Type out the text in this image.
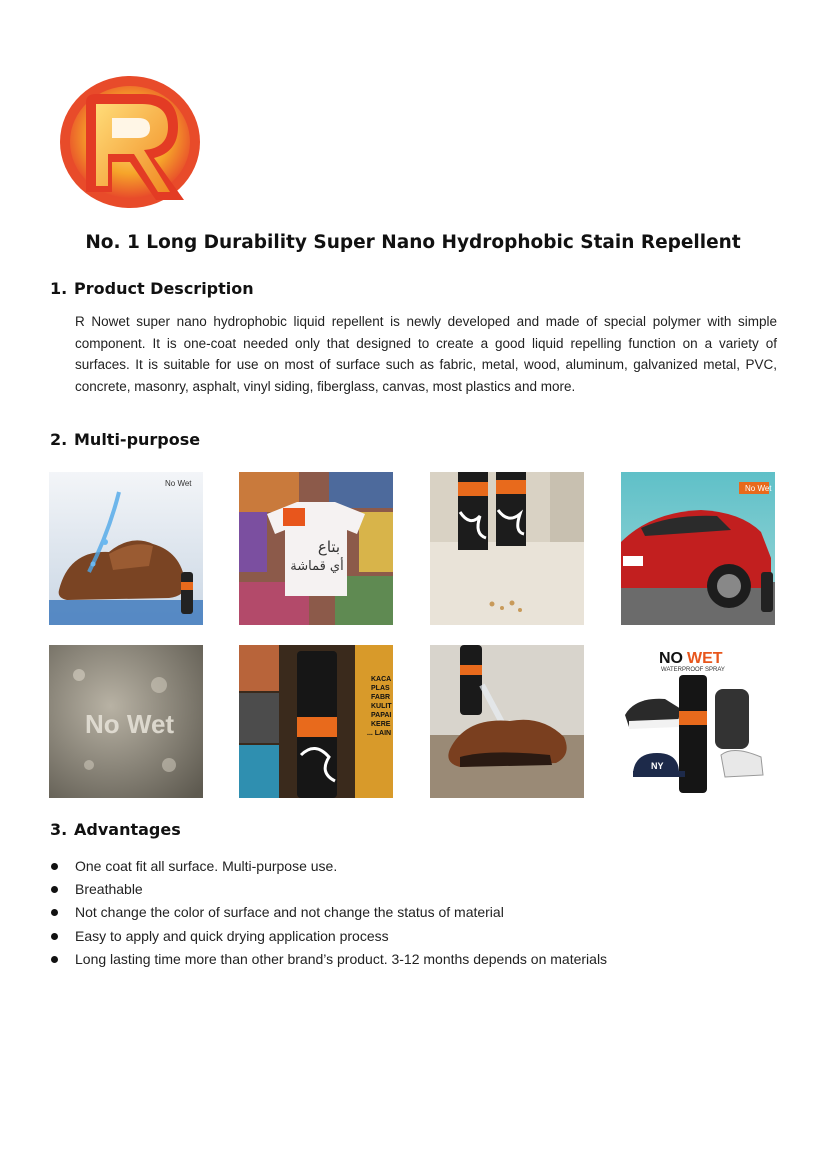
No. 1 Long Durability Super Nano Hydrophobic Stain Repellent
1. Product Description
R Nowet super nano hydrophobic liquid repellent is newly developed and made of special polymer with simple component. It is one-coat needed only that designed to create a good liquid repelling function on a variety of surfaces. It is suitable for use on most of surface such as fabric, metal, wood, aluminum, galvanized metal, PVC, concrete, masonry, asphalt, vinyl siding, fiberglass, canvas, most plastics and more.
2. Multi-purpose
No Wet
بتاع
أي قماشة
No Wet
No Wet
KACA
PLAS
FABR
KULIT
PAPAI
KERE
... LAIN
NO WET
WATERPROOF SPRAY
NY
3. Advantages
One coat fit all surface. Multi-purpose use.
Breathable
Not change the color of surface and not change the status of material
Easy to apply and quick drying application process
Long lasting time more than other brand’s product. 3-12 months depends on materials
